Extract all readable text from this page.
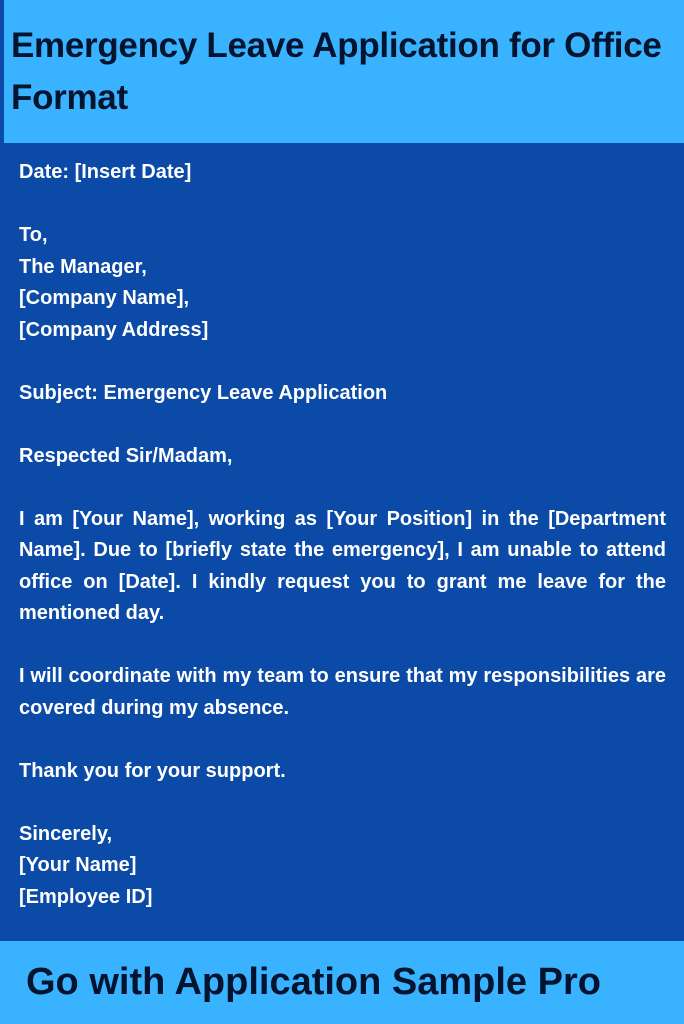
Emergency Leave Application for Office Format
Date: [Insert Date]
To,
The Manager,
[Company Name],
[Company Address]
Subject: Emergency Leave Application
Respected Sir/Madam,

I am [Your Name], working as [Your Position] in the [Department Name]. Due to [briefly state the emergency], I am unable to attend office on [Date]. I kindly request you to grant me leave for the mentioned day.

I will coordinate with my team to ensure that my responsibilities are covered during my absence.

Thank you for your support.
Sincerely,
[Your Name]
[Employee ID]
Go with Application Sample Pro
